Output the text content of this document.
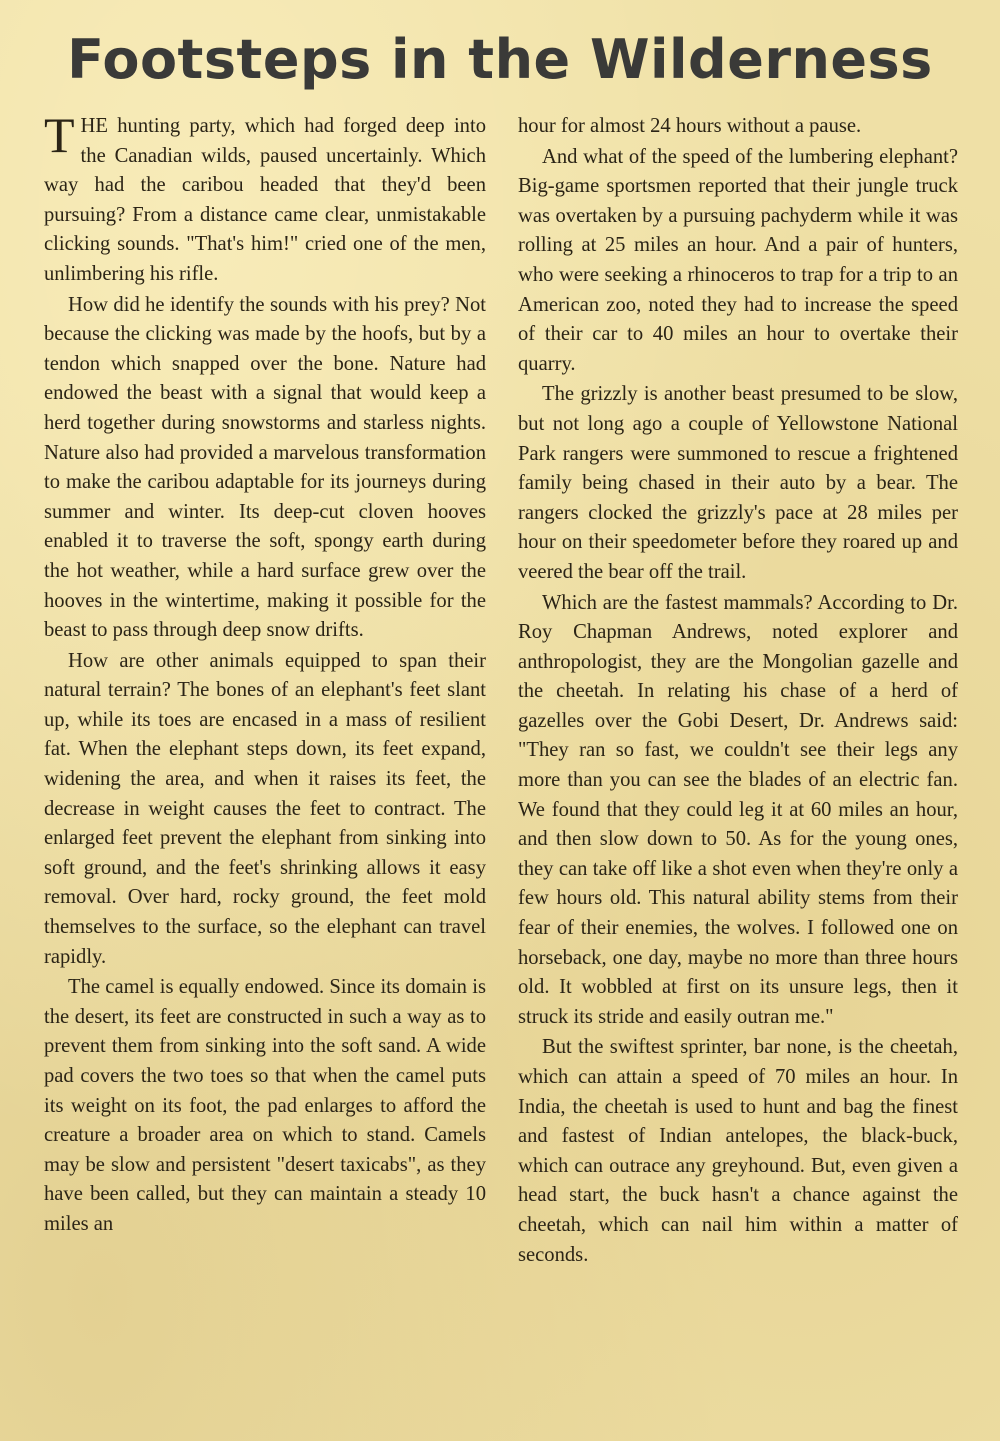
Footsteps in the Wilderness

THE hunting party, which had forged deep into the Canadian wilds, paused uncertainly. Which way had the caribou headed that they'd been pursuing? From a distance came clear, unmistakable clicking sounds. "That's him!" cried one of the men, unlimbering his rifle.

How did he identify the sounds with his prey? Not because the clicking was made by the hoofs, but by a tendon which snapped over the bone. Nature had endowed the beast with a signal that would keep a herd together during snowstorms and starless nights. Nature also had provided a marvelous transformation to make the caribou adaptable for its journeys during summer and winter. Its deep-cut cloven hooves enabled it to traverse the soft, spongy earth during the hot weather, while a hard surface grew over the hooves in the wintertime, making it possible for the beast to pass through deep snow drifts.

How are other animals equipped to span their natural terrain? The bones of an elephant's feet slant up, while its toes are encased in a mass of resilient fat. When the elephant steps down, its feet expand, widening the area, and when it raises its feet, the decrease in weight causes the feet to contract. The enlarged feet prevent the elephant from sinking into soft ground, and the feet's shrinking allows it easy removal. Over hard, rocky ground, the feet mold themselves to the surface, so the elephant can travel rapidly.

The camel is equally endowed. Since its domain is the desert, its feet are constructed in such a way as to prevent them from sinking into the soft sand. A wide pad covers the two toes so that when the camel puts its weight on its foot, the pad enlarges to afford the creature a broader area on which to stand. Camels may be slow and persistent "desert taxicabs", as they have been called, but they can maintain a steady 10 miles an

hour for almost 24 hours without a pause.

And what of the speed of the lumbering elephant? Big-game sportsmen reported that their jungle truck was overtaken by a pursuing pachyderm while it was rolling at 25 miles an hour. And a pair of hunters, who were seeking a rhinoceros to trap for a trip to an American zoo, noted they had to increase the speed of their car to 40 miles an hour to overtake their quarry.

The grizzly is another beast presumed to be slow, but not long ago a couple of Yellowstone National Park rangers were summoned to rescue a frightened family being chased in their auto by a bear. The rangers clocked the grizzly's pace at 28 miles per hour on their speedometer before they roared up and veered the bear off the trail.

Which are the fastest mammals? According to Dr. Roy Chapman Andrews, noted explorer and anthropologist, they are the Mongolian gazelle and the cheetah. In relating his chase of a herd of gazelles over the Gobi Desert, Dr. Andrews said: "They ran so fast, we couldn't see their legs any more than you can see the blades of an electric fan. We found that they could leg it at 60 miles an hour, and then slow down to 50. As for the young ones, they can take off like a shot even when they're only a few hours old. This natural ability stems from their fear of their enemies, the wolves. I followed one on horseback, one day, maybe no more than three hours old. It wobbled at first on its unsure legs, then it struck its stride and easily outran me."

But the swiftest sprinter, bar none, is the cheetah, which can attain a speed of 70 miles an hour. In India, the cheetah is used to hunt and bag the finest and fastest of Indian antelopes, the black-buck, which can outrace any greyhound. But, even given a head start, the buck hasn't a chance against the cheetah, which can nail him within a matter of seconds.
